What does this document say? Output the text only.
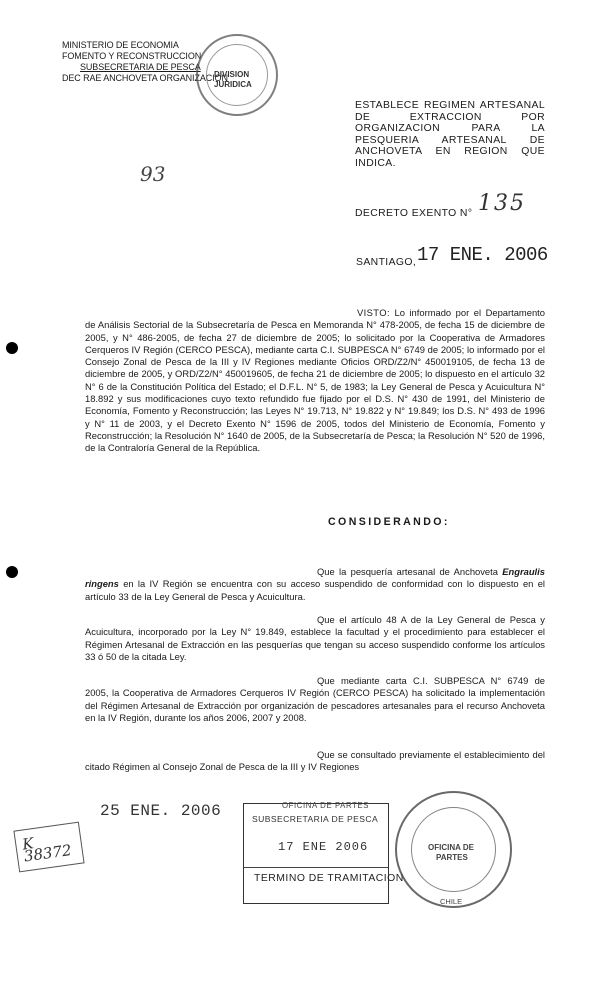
MINISTERIO DE ECONOMIA
FOMENTO Y RECONSTRUCCION
SUBSECRETARIA DE PESCA
DEC RAE ANCHOVETA ORGANIZACION
DIVISION
JURIDICA
93
ESTABLECE REGIMEN ARTESANAL
DE EXTRACCION POR
ORGANIZACION PARA LA
PESQUERIA ARTESANAL DE
ANCHOVETA EN REGION QUE
INDICA.
DECRETO EXENTO N° 135
SANTIAGO, 17 ENE. 2006
VISTO: Lo informado por el Departamento de Análisis Sectorial de la Subsecretaría de Pesca en Memoranda N° 478-2005, de fecha 15 de diciembre de 2005, y N° 486-2005, de fecha 27 de diciembre de 2005; lo solicitado por la Cooperativa de Armadores Cerqueros IV Región (CERCO PESCA), mediante carta C.I. SUBPESCA N° 6749 de 2005; lo informado por el Consejo Zonal de Pesca de la III y IV Regiones mediante Oficios ORD/Z2/N° 450019105, de fecha 13 de diciembre de 2005, y ORD/Z2/N° 450019605, de fecha 21 de diciembre de 2005; lo dispuesto en el artículo 32 N° 6 de la Constitución Política del Estado; el D.F.L. N° 5, de 1983; la Ley General de Pesca y Acuicultura N° 18.892 y sus modificaciones cuyo texto refundido fue fijado por el D.S. N° 430 de 1991, del Ministerio de Economía, Fomento y Reconstrucción; las Leyes N° 19.713, N° 19.822 y N° 19.849; los D.S. N° 493 de 1996 y N° 11 de 2003, y el Decreto Exento N° 1596 de 2005, todos del Ministerio de Economía, Fomento y Reconstrucción; la Resolución N° 1640 de 2005, de la Subsecretaría de Pesca; la Resolución N° 520 de 1996, de la Contraloría General de la República.
CONSIDERANDO:
Que la pesquería artesanal de Anchoveta Engraulis ringens en la IV Región se encuentra con su acceso suspendido de conformidad con lo dispuesto en el artículo 33 de la Ley General de Pesca y Acuicultura.
Que el artículo 48 A de la Ley General de Pesca y Acuicultura, incorporado por la Ley N° 19.849, establece la facultad y el procedimiento para establecer el Régimen Artesanal de Extracción en las pesquerías que tengan su acceso suspendido conforme los artículos 33 ó 50 de la citada Ley.
Que mediante carta C.I. SUBPESCA N° 6749 de 2005, la Cooperativa de Armadores Cerqueros IV Región (CERCO PESCA) ha solicitado la implementación del Régimen Artesanal de Extracción por organización de pescadores artesanales para el recurso Anchoveta en la IV Región, durante los años 2006, 2007 y 2008.
Que se consultado previamente el establecimiento del citado Régimen al Consejo Zonal de Pesca de la III y IV Regiones
25 ENE. 2006
K 38372
OFICINA DE PARTES
SUBSECRETARIA DE PESCA
17 ENE 2006
TERMINO DE TRAMITACION
OFICINA DE
PARTES
CHILE
